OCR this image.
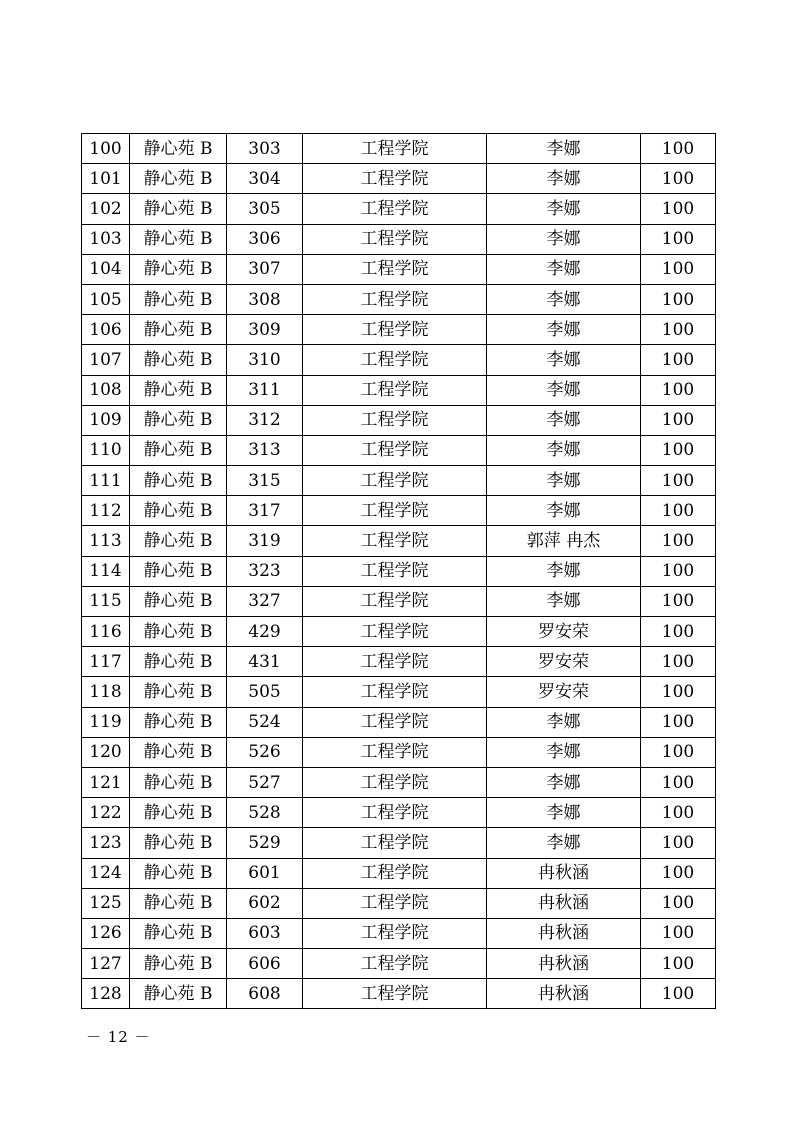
100	静心苑 B	303	工程学院	李娜	100
101	静心苑 B	304	工程学院	李娜	100
102	静心苑 B	305	工程学院	李娜	100
103	静心苑 B	306	工程学院	李娜	100
104	静心苑 B	307	工程学院	李娜	100
105	静心苑 B	308	工程学院	李娜	100
106	静心苑 B	309	工程学院	李娜	100
107	静心苑 B	310	工程学院	李娜	100
108	静心苑 B	311	工程学院	李娜	100
109	静心苑 B	312	工程学院	李娜	100
110	静心苑 B	313	工程学院	李娜	100
111	静心苑 B	315	工程学院	李娜	100
112	静心苑 B	317	工程学院	李娜	100
113	静心苑 B	319	工程学院	郭萍 冉杰	100
114	静心苑 B	323	工程学院	李娜	100
115	静心苑 B	327	工程学院	李娜	100
116	静心苑 B	429	工程学院	罗安荣	100
117	静心苑 B	431	工程学院	罗安荣	100
118	静心苑 B	505	工程学院	罗安荣	100
119	静心苑 B	524	工程学院	李娜	100
120	静心苑 B	526	工程学院	李娜	100
121	静心苑 B	527	工程学院	李娜	100
122	静心苑 B	528	工程学院	李娜	100
123	静心苑 B	529	工程学院	李娜	100
124	静心苑 B	601	工程学院	冉秋涵	100
125	静心苑 B	602	工程学院	冉秋涵	100
126	静心苑 B	603	工程学院	冉秋涵	100
127	静心苑 B	606	工程学院	冉秋涵	100
128	静心苑 B	608	工程学院	冉秋涵	100
－ 12 －
